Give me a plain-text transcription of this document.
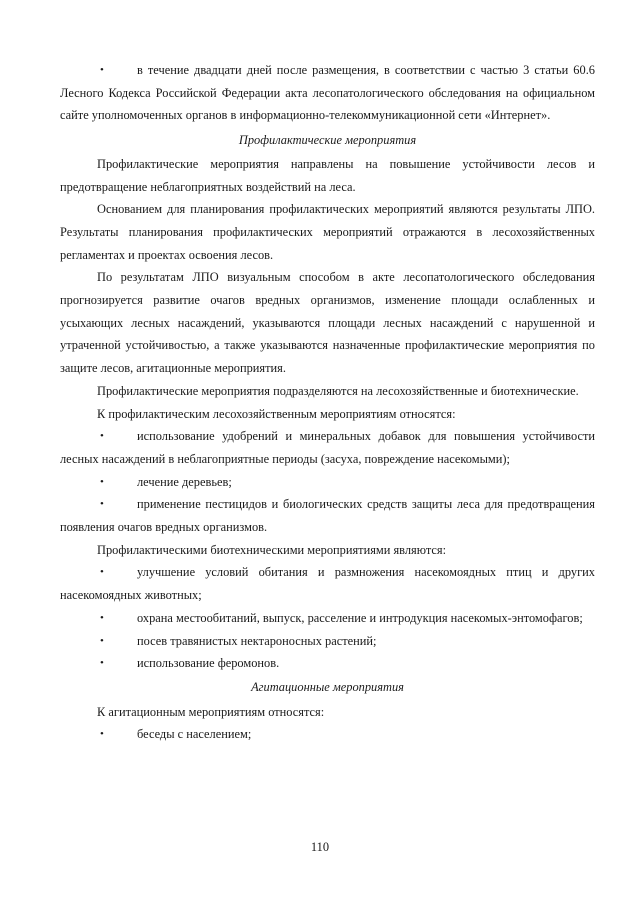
•	в течение двадцати дней после размещения, в соответствии с частью 3 статьи 60.6 Лесного Кодекса Российской Федерации акта лесопатологического обследования на официальном сайте уполномоченных органов в информационно-телекоммуникационной сети «Интернет».

Профилактические мероприятия

Профилактические мероприятия направлены на повышение устойчивости лесов и предотвращение неблагоприятных воздействий на леса.

Основанием для планирования профилактических мероприятий являются результаты ЛПО. Результаты планирования профилактических мероприятий отражаются в лесохозяйственных регламентах и проектах освоения лесов.

По результатам ЛПО визуальным способом в акте лесопатологического обследования прогнозируется развитие очагов вредных организмов, изменение площади ослабленных и усыхающих лесных насаждений, указываются площади лесных насаждений с нарушенной и утраченной устойчивостью, а также указываются назначенные профилактические мероприятия по защите лесов, агитационные мероприятия.

Профилактические мероприятия подразделяются на лесохозяйственные и биотехнические.

К профилактическим лесохозяйственным мероприятиям относятся:

•	использование удобрений и минеральных добавок для повышения устойчивости лесных насаждений в неблагоприятные периоды (засуха, повреждение насекомыми);

•	лечение деревьев;

•	применение пестицидов и биологических средств защиты леса для предотвращения появления очагов вредных организмов.

Профилактическими биотехническими мероприятиями являются:

•	улучшение условий обитания и размножения насекомоядных птиц и других насекомоядных животных;

•	охрана местообитаний, выпуск, расселение и интродукция насекомых-энтомофагов;

•	посев травянистых нектароносных растений;

•	использование феромонов.

Агитационные мероприятия

К агитационным мероприятиям относятся:

•	беседы с населением;

110
